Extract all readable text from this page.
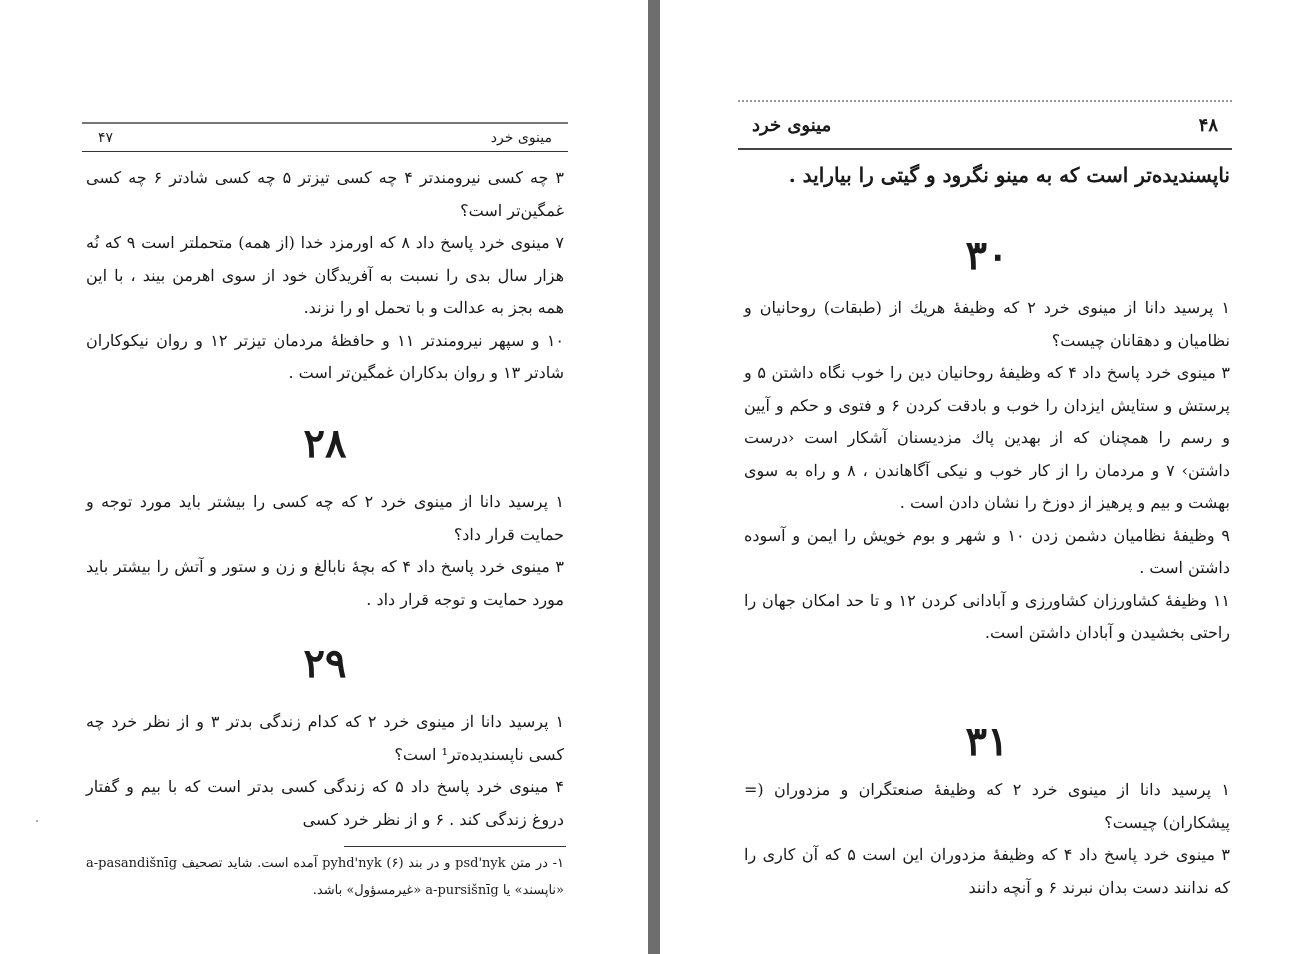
مینوی خرد
۴۷

۳ چه کسی نیرومندتر ۴ چه کسی تیزتر ۵ چه کسی شادتر ۶ چه کسی غمگین‌تر است؟

۷ مینوی خرد پاسخ داد ۸ که اورمزد خدا (از همه) متحملتر است ۹ که نُه هزار سال بدی را نسبت به آفریدگان خود از سوی اهرمن بیند ، با این همه بجز به عدالت و با تحمل او را نزند.

۱۰ و سپهر نیرومندتر ۱۱ و حافظهٔ مردمان تیزتر ۱۲ و روان نیکوکاران شادتر ۱۳ و روان بدکاران غمگین‌تر است .

۲۸

۱ پرسید دانا از مینوی خرد ۲ که چه کسی را بیشتر باید مورد توجه و حمایت قرار داد؟

۳ مینوی خرد پاسخ داد ۴ که بچهٔ نابالغ و زن و ستور و آتش را بیشتر باید مورد حمایت و توجه قرار داد .

۲۹

۱ پرسید دانا از مینوی خرد ۲ که کدام زندگی بدتر ۳ و از نظر خرد چه کسی ناپسندیده‌تر¹ است؟

۴ مینوی خرد پاسخ داد ۵ که زندگی کسی بدتر است که با بیم و گفتار دروغ زندگی کند . ۶ و از نظر خرد کسی

۱- در متن psd'nyk و در بند (۶) pyhd'nyk آمده است. شاید تصحیف a-pasandišnīg «ناپسند» یا a-pursišnīg «غیرمسؤول» باشد.
۴۸
مینوی خرد

ناپسندیده‌تر است که به مینو نگرود و گیتی را بیاراید .

۳۰

۱ پرسید دانا از مینوی خرد ۲ که وظیفهٔ هریك از (طبقات) روحانیان و نظامیان و دهقانان چیست؟

۳ مینوی خرد پاسخ داد ۴ که وظیفهٔ روحانیان دین را خوب نگاه داشتن ۵ و پرستش و ستایش ایزدان را خوب و بادقت کردن ۶ و فتوی و حکم و آیین و رسم را همچنان که از بهدین پاك مزدیسنان آشکار است ‹درست داشتن› ۷ و مردمان را از کار خوب و نیکی آگاهاندن ، ۸ و راه به سوی بهشت و بیم و پرهیز از دوزخ را نشان دادن است .

۹ وظیفهٔ نظامیان دشمن زدن ۱۰ و شهر و بوم خویش را ایمن و آسوده داشتن است .

۱۱ وظیفهٔ کشاورزان کشاورزی و آبادانی کردن ۱۲ و تا حد امکان جهان را راحتی بخشیدن و آبادان داشتن است.

۳۱

۱ پرسید دانا از مینوی خرد ۲ که وظیفهٔ صنعتگران و مزدوران (= پیشکاران) چیست؟

۳ مینوی خرد پاسخ داد ۴ که وظیفهٔ مزدوران این است ۵ که آن کاری را که ندانند دست بدان نبرند ۶ و آنچه دانند
